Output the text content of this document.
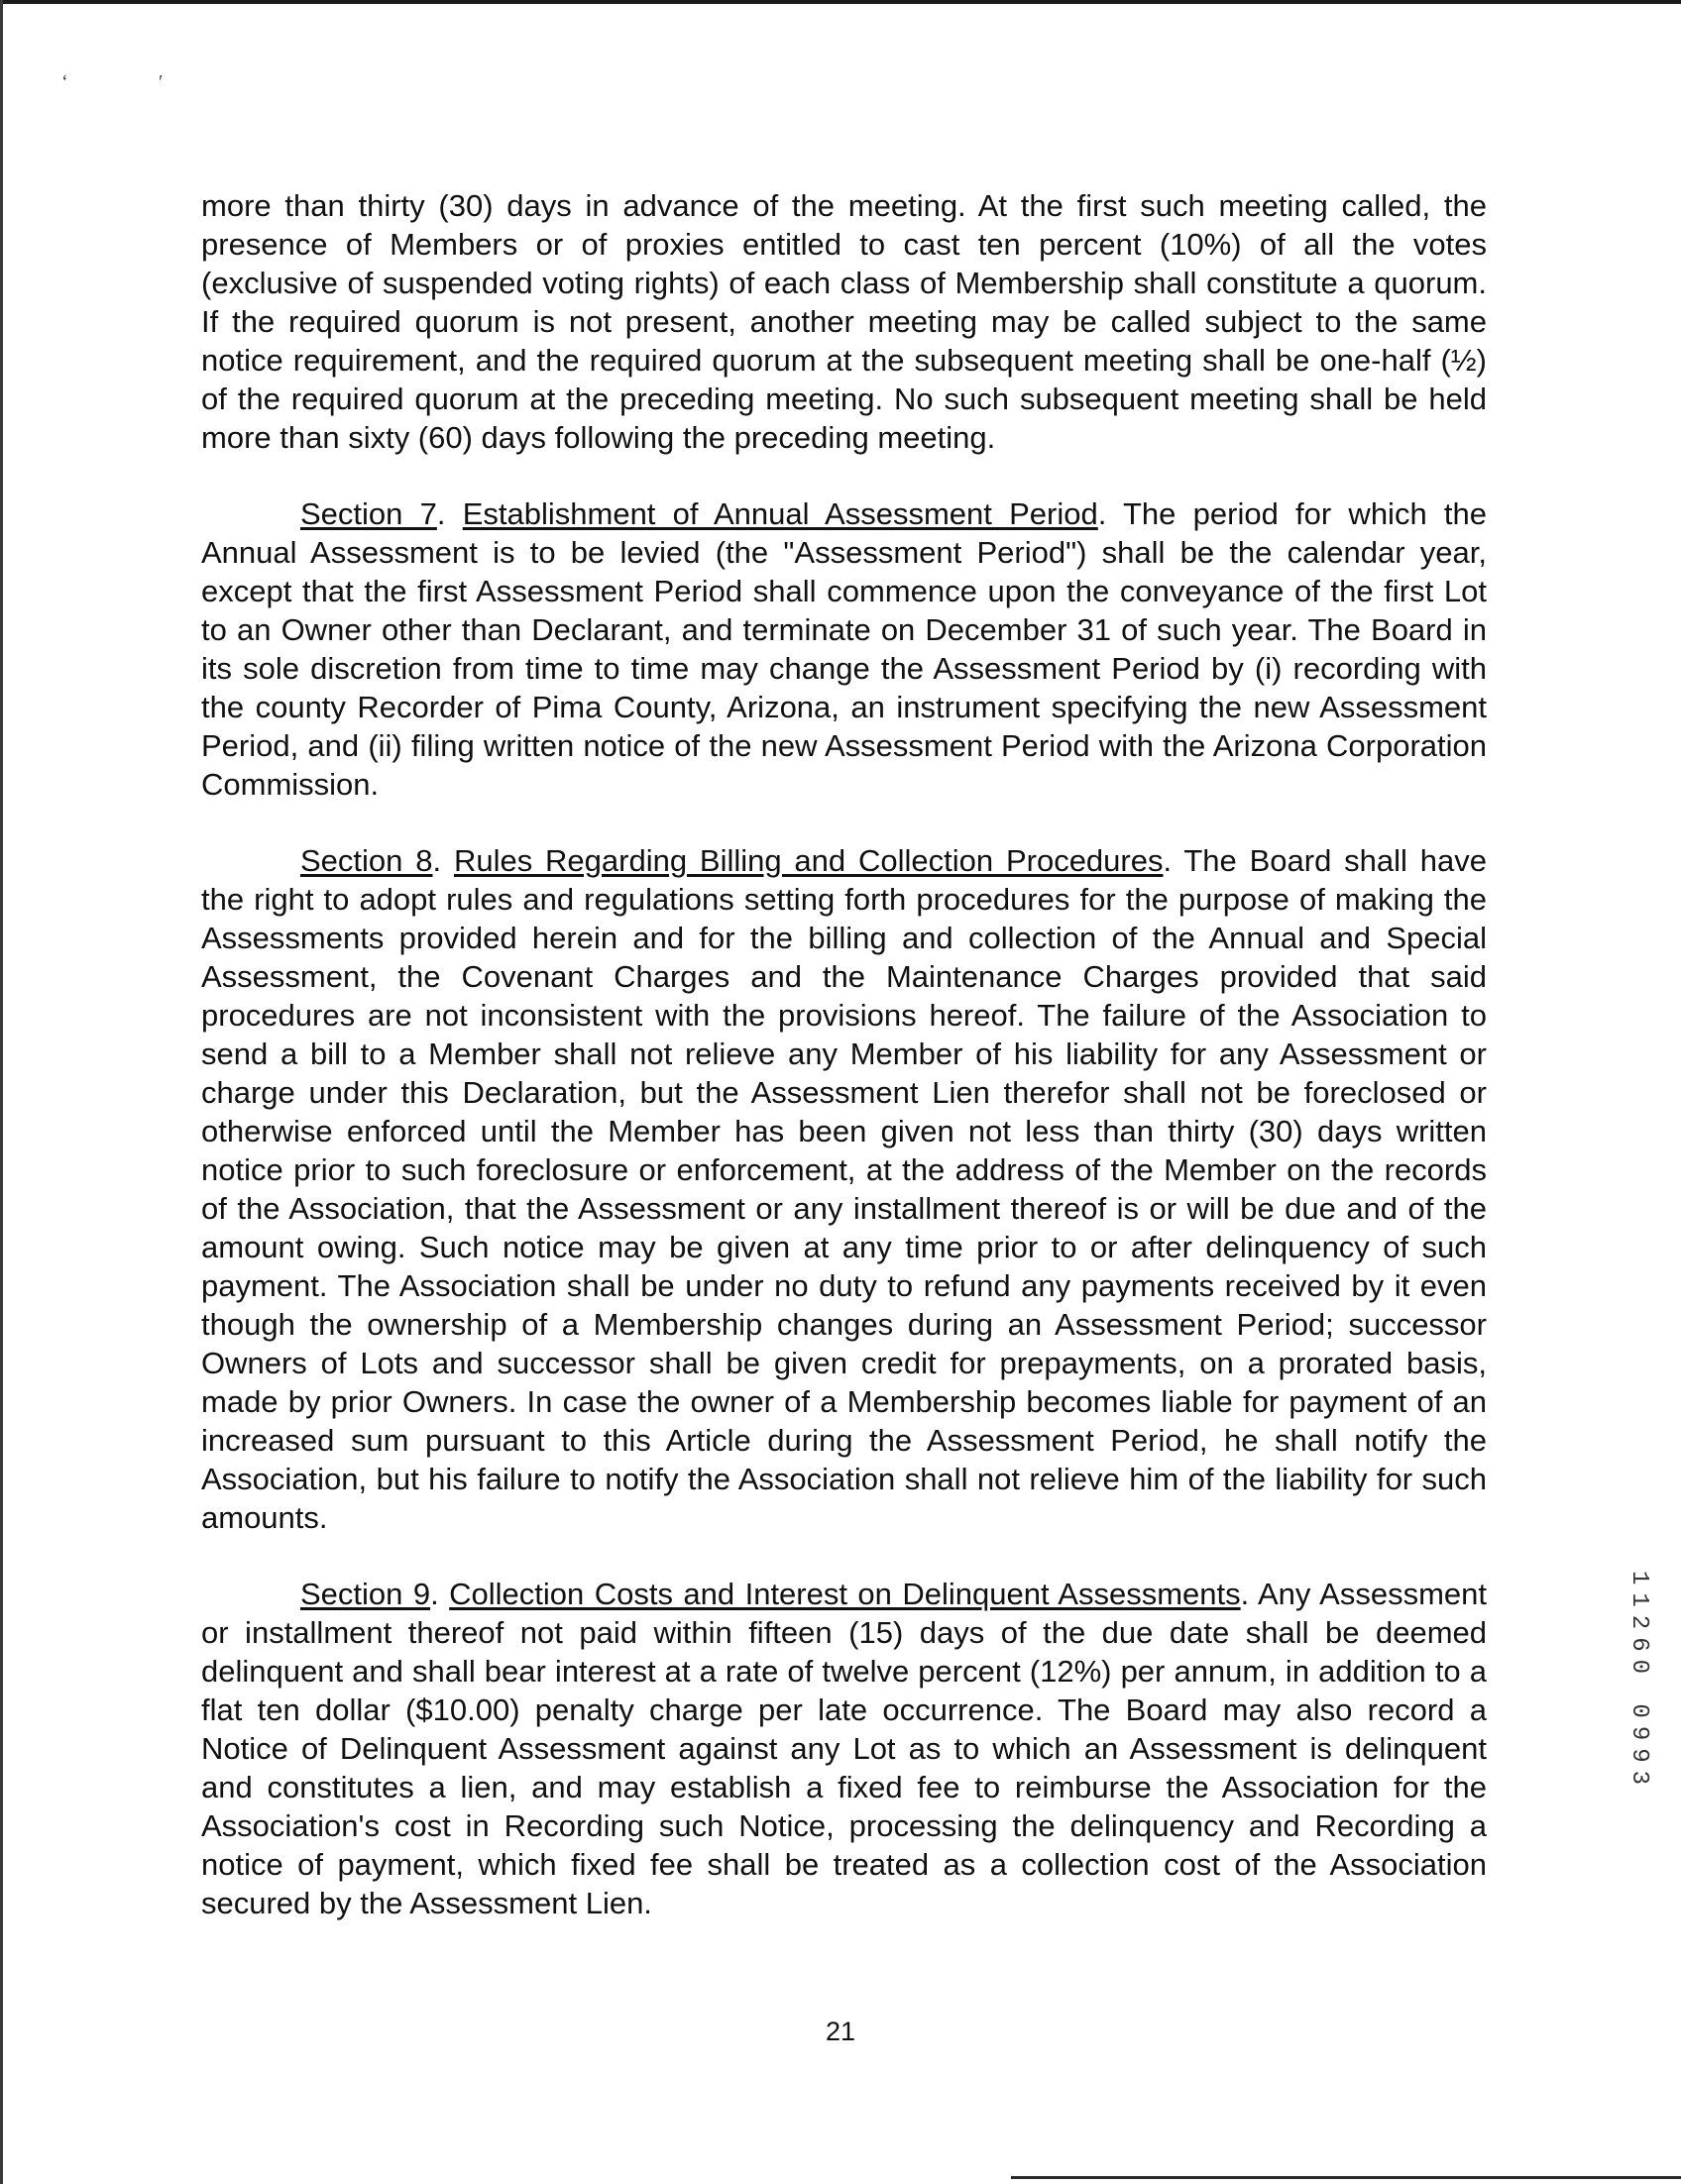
‘	′

more than thirty (30) days in advance of the meeting. At the first such meeting called, the presence of Members or of proxies entitled to cast ten percent (10%) of all the votes (exclusive of suspended voting rights) of each class of Membership shall constitute a quorum. If the required quorum is not present, another meeting may be called subject to the same notice requirement, and the required quorum at the subsequent meeting shall be one-half (½) of the required quorum at the preceding meeting. No such subsequent meeting shall be held more than sixty (60) days following the preceding meeting.

Section 7. Establishment of Annual Assessment Period. The period for which the Annual Assessment is to be levied (the "Assessment Period") shall be the calendar year, except that the first Assessment Period shall commence upon the conveyance of the first Lot to an Owner other than Declarant, and terminate on December 31 of such year. The Board in its sole discretion from time to time may change the Assessment Period by (i) recording with the county Recorder of Pima County, Arizona, an instrument specifying the new Assessment Period, and (ii) filing written notice of the new Assessment Period with the Arizona Corporation Commission.

Section 8. Rules Regarding Billing and Collection Procedures. The Board shall have the right to adopt rules and regulations setting forth procedures for the purpose of making the Assessments provided herein and for the billing and collection of the Annual and Special Assessment, the Covenant Charges and the Maintenance Charges provided that said procedures are not inconsistent with the provisions hereof. The failure of the Association to send a bill to a Member shall not relieve any Member of his liability for any Assessment or charge under this Declaration, but the Assessment Lien therefor shall not be foreclosed or otherwise enforced until the Member has been given not less than thirty (30) days written notice prior to such foreclosure or enforcement, at the address of the Member on the records of the Association, that the Assessment or any installment thereof is or will be due and of the amount owing. Such notice may be given at any time prior to or after delinquency of such payment. The Association shall be under no duty to refund any payments received by it even though the ownership of a Membership changes during an Assessment Period; successor Owners of Lots and successor shall be given credit for prepayments, on a prorated basis, made by prior Owners. In case the owner of a Membership becomes liable for payment of an increased sum pursuant to this Article during the Assessment Period, he shall notify the Association, but his failure to notify the Association shall not relieve him of the liability for such amounts.

Section 9. Collection Costs and Interest on Delinquent Assessments. Any Assessment or installment thereof not paid within fifteen (15) days of the due date shall be deemed delinquent and shall bear interest at a rate of twelve percent (12%) per annum, in addition to a flat ten dollar ($10.00) penalty charge per late occurrence. The Board may also record a Notice of Delinquent Assessment against any Lot as to which an Assessment is delinquent and constitutes a lien, and may establish a fixed fee to reimburse the Association for the Association's cost in Recording such Notice, processing the delinquency and Recording a notice of payment, which fixed fee shall be treated as a collection cost of the Association secured by the Assessment Lien.

11260 0993
21
